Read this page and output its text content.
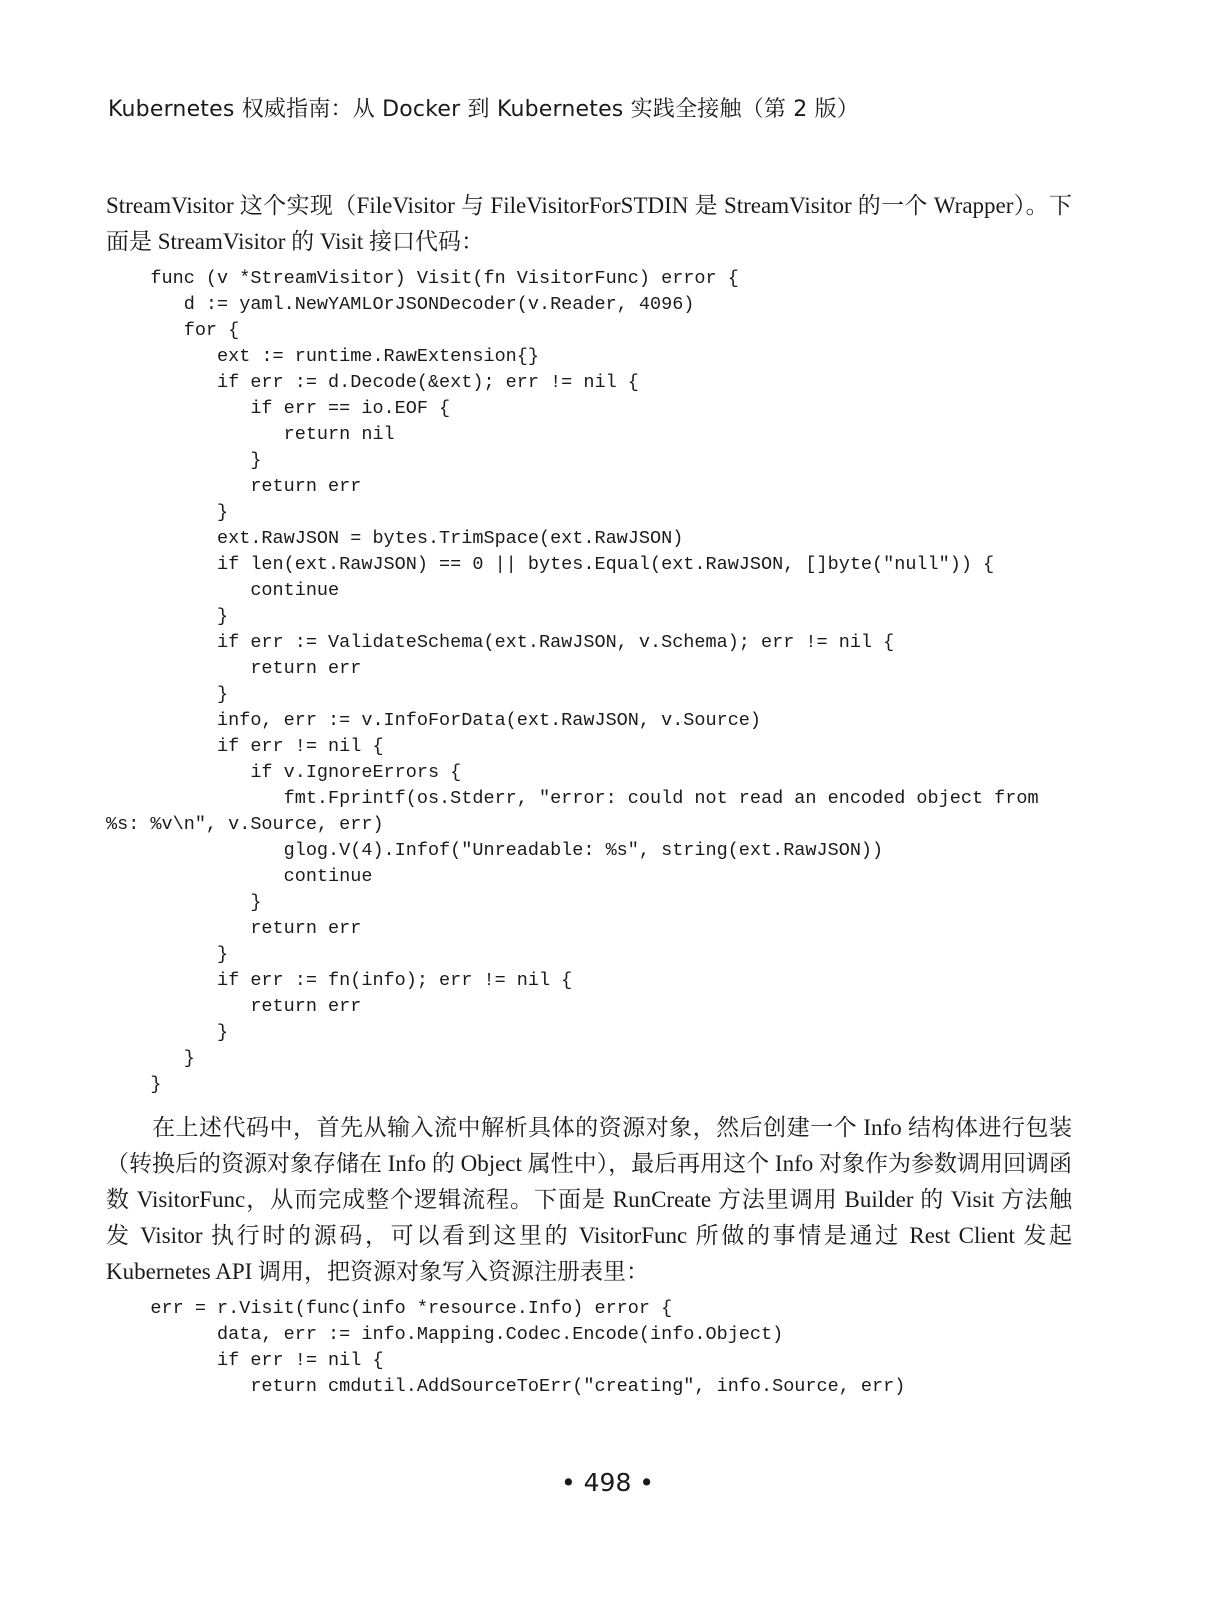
Kubernetes 权威指南：从 Docker 到 Kubernetes 实践全接触（第 2 版）
StreamVisitor 这个实现（FileVisitor 与 FileVisitorForSTDIN 是 StreamVisitor 的一个 Wrapper）。下
面是 StreamVisitor 的 Visit 接口代码：
func (v *StreamVisitor) Visit(fn VisitorFunc) error {
d := yaml.NewYAMLOrJSONDecoder(v.Reader, 4096)
for {
ext := runtime.RawExtension{}
if err := d.Decode(&ext); err != nil {
if err == io.EOF {
return nil
}
return err
}
ext.RawJSON = bytes.TrimSpace(ext.RawJSON)
if len(ext.RawJSON) == 0 || bytes.Equal(ext.RawJSON, []byte("null")) {
continue
}
if err := ValidateSchema(ext.RawJSON, v.Schema); err != nil {
return err
}
info, err := v.InfoForData(ext.RawJSON, v.Source)
if err != nil {
if v.IgnoreErrors {
fmt.Fprintf(os.Stderr, "error: could not read an encoded object from
%s: %v\n", v.Source, err)
glog.V(4).Infof("Unreadable: %s", string(ext.RawJSON))
continue
}
return err
}
if err := fn(info); err != nil {
return err
}
}
}
在上述代码中，首先从输入流中解析具体的资源对象，然后创建一个 Info 结构体进行包装
（转换后的资源对象存储在 Info 的 Object 属性中），最后再用这个 Info 对象作为参数调用回调函
数 VisitorFunc，从而完成整个逻辑流程。下面是 RunCreate 方法里调用 Builder 的 Visit 方法触
发 Visitor 执行时的源码，可以看到这里的 VisitorFunc 所做的事情是通过 Rest Client 发起
Kubernetes API 调用，把资源对象写入资源注册表里：
err = r.Visit(func(info *resource.Info) error {
data, err := info.Mapping.Codec.Encode(info.Object)
if err != nil {
return cmdutil.AddSourceToErr("creating", info.Source, err)
• 498 •
